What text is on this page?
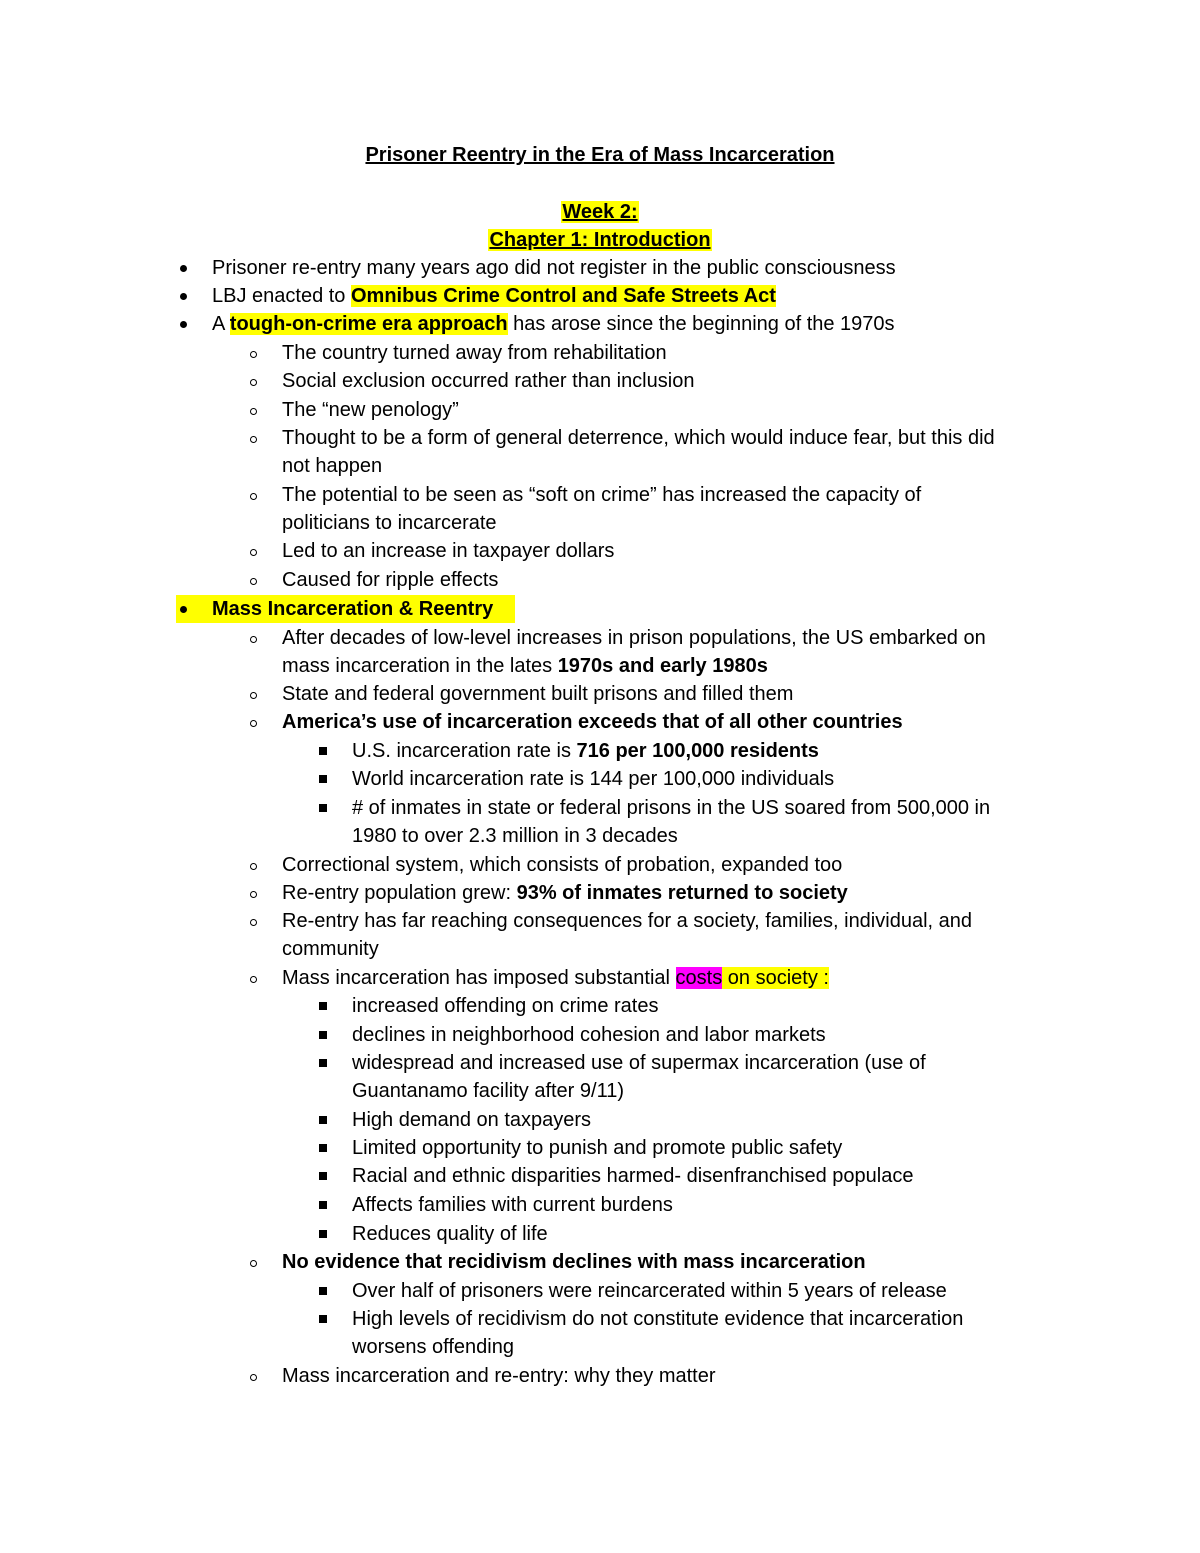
Prisoner Reentry in the Era of Mass Incarceration
Week 2:
Chapter 1: Introduction
Prisoner re-entry many years ago did not register in the public consciousness
LBJ enacted to Omnibus Crime Control and Safe Streets Act
A tough-on-crime era approach has arose since the beginning of the 1970s
The country turned away from rehabilitation
Social exclusion occurred rather than inclusion
The “new penology”
Thought to be a form of general deterrence, which would induce fear, but this did
not happen
The potential to be seen as “soft on crime” has increased the capacity of
politicians to incarcerate
Led to an increase in taxpayer dollars
Caused for ripple effects
Mass Incarceration & Reentry
After decades of low-level increases in prison populations, the US embarked on
mass incarceration in the lates 1970s and early 1980s
State and federal government built prisons and filled them
America’s use of incarceration exceeds that of all other countries
U.S. incarceration rate is 716 per 100,000 residents
World incarceration rate is 144 per 100,000 individuals
# of inmates in state or federal prisons in the US soared from 500,000 in
1980 to over 2.3 million in 3 decades
Correctional system, which consists of probation, expanded too
Re-entry population grew: 93% of inmates returned to society
Re-entry has far reaching consequences for a society, families, individual, and
community
Mass incarceration has imposed substantial costs on society :
increased offending on crime rates
declines in neighborhood cohesion and labor markets
widespread and increased use of supermax incarceration (use of
Guantanamo facility after 9/11)
High demand on taxpayers
Limited opportunity to punish and promote public safety
Racial and ethnic disparities harmed- disenfranchised populace
Affects families with current burdens
Reduces quality of life
No evidence that recidivism declines with mass incarceration
Over half of prisoners were reincarcerated within 5 years of release
High levels of recidivism do not constitute evidence that incarceration
worsens offending
Mass incarceration and re-entry: why they matter
